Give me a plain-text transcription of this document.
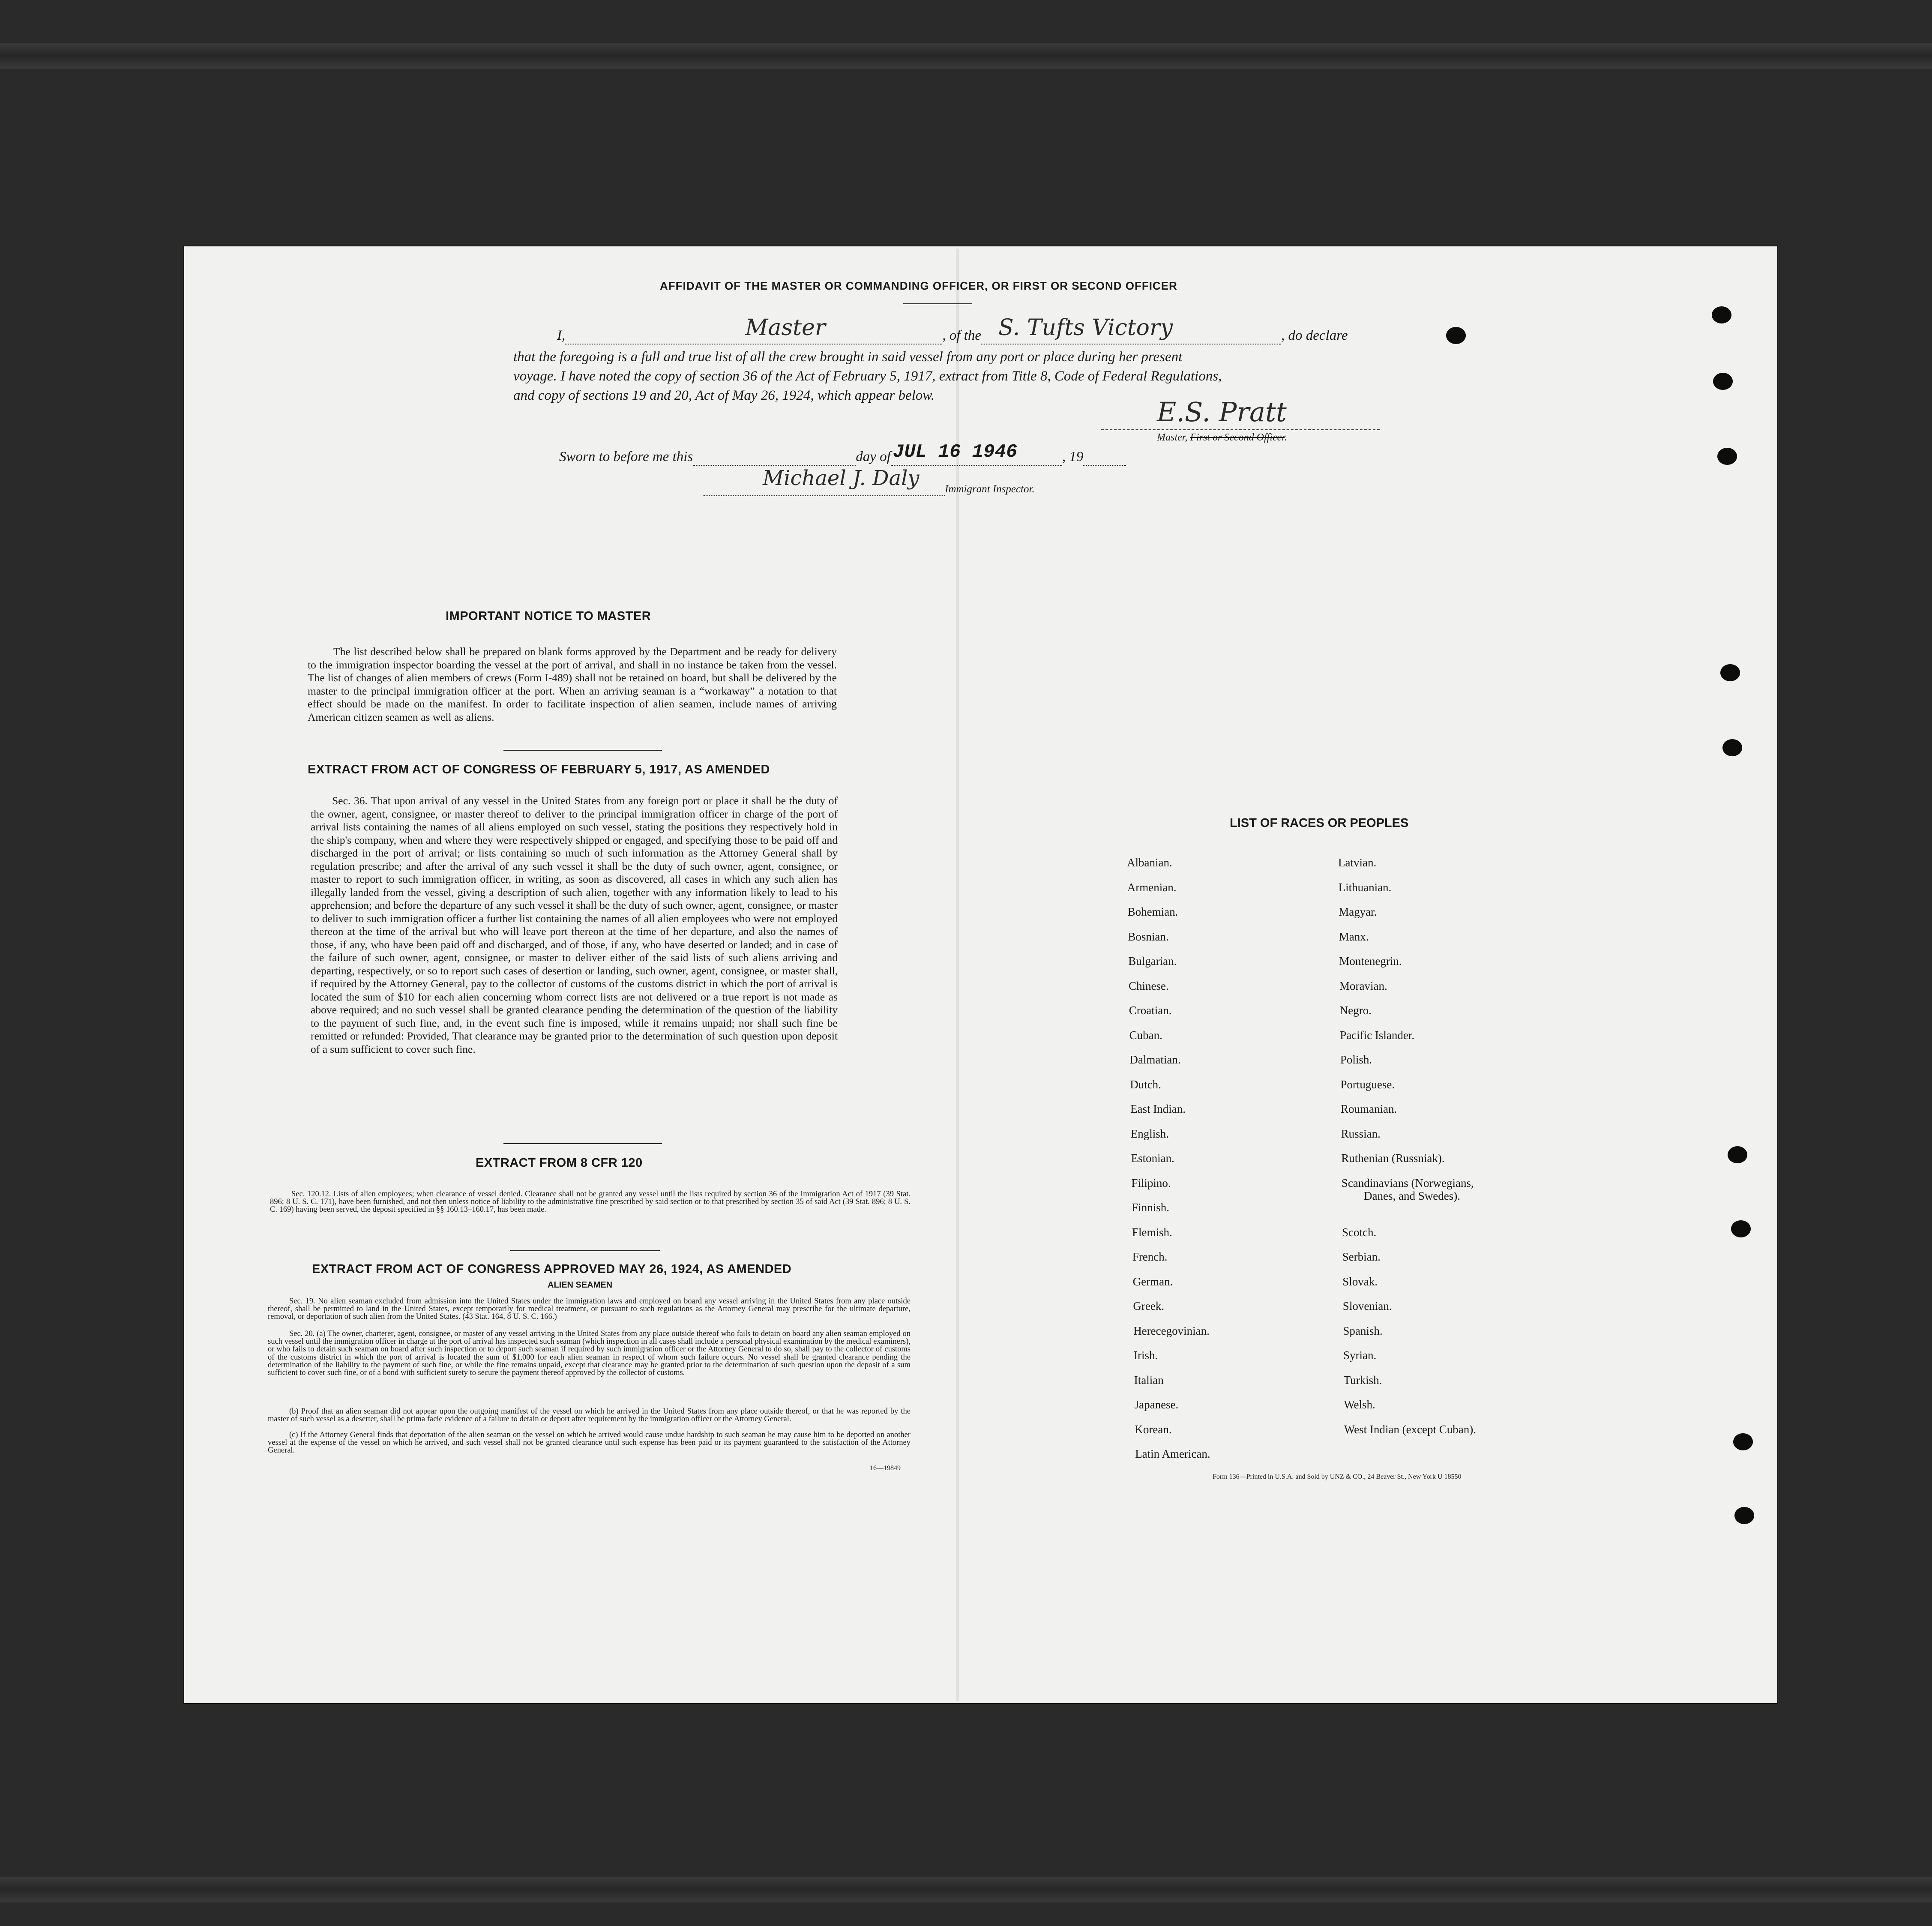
AFFIDAVIT OF THE MASTER OR COMMANDING OFFICER, OR FIRST OR SECOND OFFICER
I,	Master	, of the S. Tufts Victory	, do declare
that the foregoing is a full and true list of all the crew brought in said vessel from any port or place during her present
voyage. I have noted the copy of section 36 of the Act of February 5, 1917, extract from Title 8, Code of Federal Regulations,
and copy of sections 19 and 20, Act of May 26, 1924, which appear below.
E.S. Pratt
Master, First or Second Officer.
Sworn to before me this	day of JUL 16 1946	, 19
Michael J. Daly Immigrant Inspector.
IMPORTANT NOTICE TO MASTER
The list described below shall be prepared on blank forms approved by the Department and be ready for delivery to the immigration inspector boarding the vessel at the port of arrival, and shall in no instance be taken from the vessel. The list of changes of alien members of crews (Form I-489) shall not be retained on board, but shall be delivered by the master to the principal immigration officer at the port. When an arriving seaman is a “workaway” a notation to that effect should be made on the manifest. In order to facilitate inspection of alien seamen, include names of arriving American citizen seamen as well as aliens.
EXTRACT FROM ACT OF CONGRESS OF FEBRUARY 5, 1917, AS AMENDED
Sec. 36. That upon arrival of any vessel in the United States from any foreign port or place it shall be the duty of the owner, agent, consignee, or master thereof to deliver to the principal immigration officer in charge of the port of arrival lists containing the names of all aliens employed on such vessel, stating the positions they respectively hold in the ship's company, when and where they were respectively shipped or engaged, and specifying those to be paid off and discharged in the port of arrival; or lists containing so much of such information as the Attorney General shall by regulation prescribe; and after the arrival of any such vessel it shall be the duty of such owner, agent, consignee, or master to report to such immigration officer, in writing, as soon as discovered, all cases in which any such alien has illegally landed from the vessel, giving a description of such alien, together with any information likely to lead to his apprehension; and before the departure of any such vessel it shall be the duty of such owner, agent, consignee, or master to deliver to such immigration officer a further list containing the names of all alien employees who were not employed thereon at the time of the arrival but who will leave port thereon at the time of her departure, and also the names of those, if any, who have been paid off and discharged, and of those, if any, who have deserted or landed; and in case of the failure of such owner, agent, consignee, or master to deliver either of the said lists of such aliens arriving and departing, respectively, or so to report such cases of desertion or landing, such owner, agent, consignee, or master shall, if required by the Attorney General, pay to the collector of customs of the customs district in which the port of arrival is located the sum of $10 for each alien concerning whom correct lists are not delivered or a true report is not made as above required; and no such vessel shall be granted clearance pending the determination of the question of the liability to the payment of such fine, and, in the event such fine is imposed, while it remains unpaid; nor shall such fine be remitted or refunded: Provided, That clearance may be granted prior to the determination of such question upon deposit of a sum sufficient to cover such fine.
EXTRACT FROM 8 CFR 120
Sec. 120.12. Lists of alien employees; when clearance of vessel denied. Clearance shall not be granted any vessel until the lists required by section 36 of the Immigration Act of 1917 (39 Stat. 896; 8 U. S. C. 171), have been furnished, and not then unless notice of liability to the administrative fine prescribed by said section or to that prescribed by section 35 of said Act (39 Stat. 896; 8 U. S. C. 169) having been served, the deposit specified in §§ 160.13–160.17, has been made.
EXTRACT FROM ACT OF CONGRESS APPROVED MAY 26, 1924, AS AMENDED
ALIEN SEAMEN
Sec. 19. No alien seaman excluded from admission into the United States under the immigration laws and employed on board any vessel arriving in the United States from any place outside thereof, shall be permitted to land in the United States, except temporarily for medical treatment, or pursuant to such regulations as the Attorney General may prescribe for the ultimate departure, removal, or deportation of such alien from the United States. (43 Stat. 164, 8 U. S. C. 166.)
Sec. 20. (a) The owner, charterer, agent, consignee, or master of any vessel arriving in the United States from any place outside thereof who fails to detain on board any alien seaman employed on such vessel until the immigration officer in charge at the port of arrival has inspected such seaman (which inspection in all cases shall include a personal physical examination by the medical examiners), or who fails to detain such seaman on board after such inspection or to deport such seaman if required by such immigration officer or the Attorney General to do so, shall pay to the collector of customs of the customs district in which the port of arrival is located the sum of $1,000 for each alien seaman in respect of whom such failure occurs. No vessel shall be granted clearance pending the determination of the liability to the payment of such fine, or while the fine remains unpaid, except that clearance may be granted prior to the determination of such question upon the deposit of a sum sufficient to cover such fine, or of a bond with sufficient surety to secure the payment thereof approved by the collector of customs.
(b) Proof that an alien seaman did not appear upon the outgoing manifest of the vessel on which he arrived in the United States from any place outside thereof, or that he was reported by the master of such vessel as a deserter, shall be prima facie evidence of a failure to detain or deport after requirement by the immigration officer or the Attorney General.
(c) If the Attorney General finds that deportation of the alien seaman on the vessel on which he arrived would cause undue hardship to such seaman he may cause him to be deported on another vessel at the expense of the vessel on which he arrived, and such vessel shall not be granted clearance until such expense has been paid or its payment guaranteed to the satisfaction of the Attorney General.
16—19849
LIST OF RACES OR PEOPLES
Albanian.
Armenian.
Bohemian.
Bosnian.
Bulgarian.
Chinese.
Croatian.
Cuban.
Dalmatian.
Dutch.
East Indian.
English.
Estonian.
Filipino.
Finnish.
Flemish.
French.
German.
Greek.
Herecegovinian.
Irish.
Italian
Japanese.
Korean.
Latin American.
Latvian.
Lithuanian.
Magyar.
Manx.
Montenegrin.
Moravian.
Negro.
Pacific Islander.
Polish.
Portuguese.
Roumanian.
Russian.
Ruthenian (Russniak).
Scandinavians (Norwegians,
Danes, and Swedes).
Scotch.
Serbian.
Slovak.
Slovenian.
Spanish.
Syrian.
Turkish.
Welsh.
West Indian (except Cuban).
Form 136—Printed in U.S.A. and Sold by UNZ & CO., 24 Beaver St., New York U 18550
